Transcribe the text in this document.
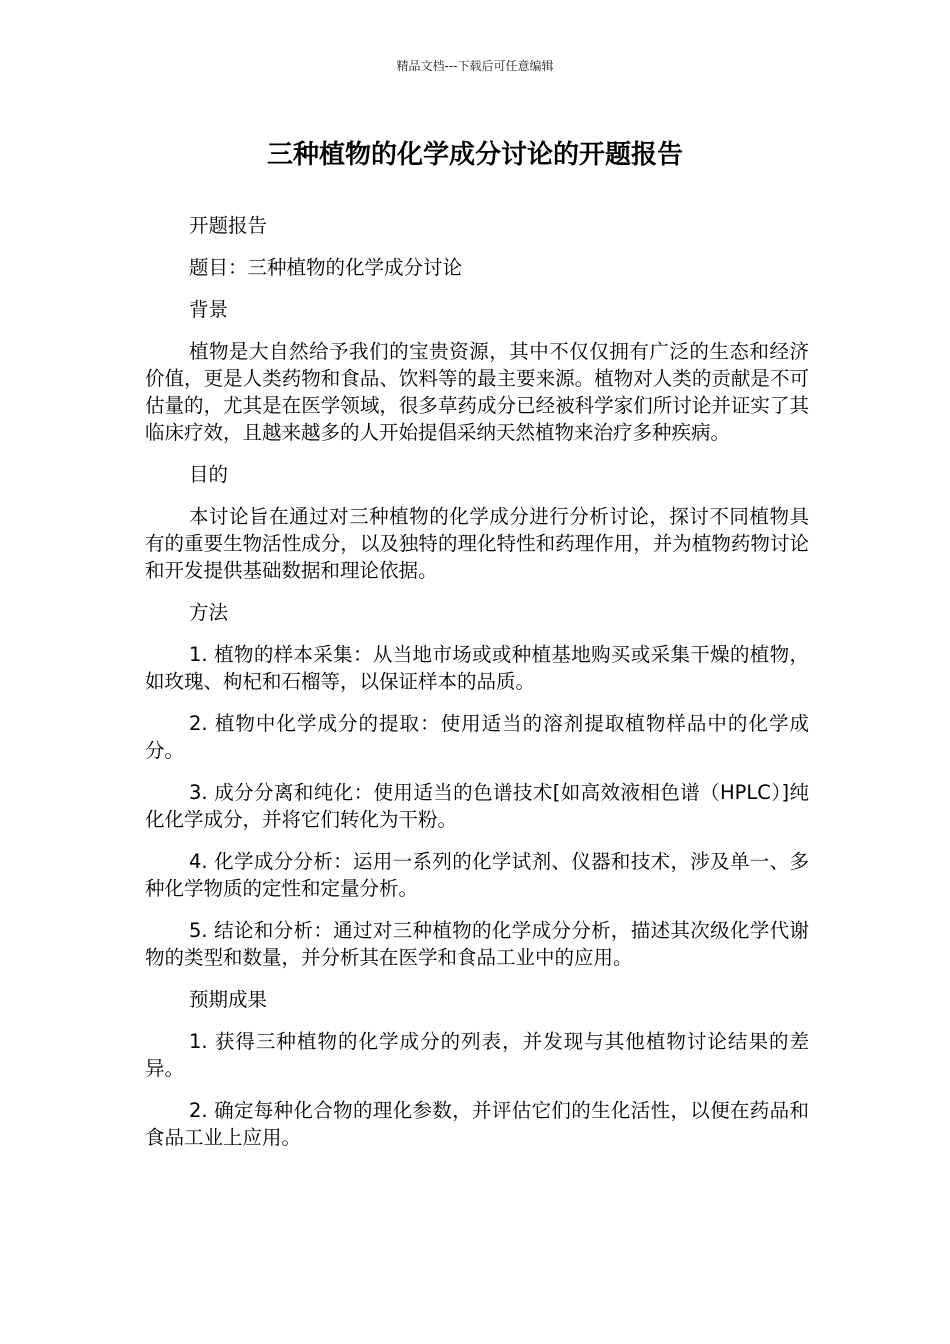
精品文档---下载后可任意编辑
三种植物的化学成分讨论的开题报告

开题报告

题目：三种植物的化学成分讨论

背景

植物是大自然给予我们的宝贵资源，其中不仅仅拥有广泛的生态和经济价值，更是人类药物和食品、饮料等的最主要来源。植物对人类的贡献是不可估量的，尤其是在医学领域，很多草药成分已经被科学家们所讨论并证实了其临床疗效，且越来越多的人开始提倡采纳天然植物来治疗多种疾病。

目的

本讨论旨在通过对三种植物的化学成分进行分析讨论，探讨不同植物具有的重要生物活性成分，以及独特的理化特性和药理作用，并为植物药物讨论和开发提供基础数据和理论依据。

方法

1. 植物的样本采集：从当地市场或或种植基地购买或采集干燥的植物，如玫瑰、枸杞和石榴等，以保证样本的品质。

2. 植物中化学成分的提取：使用适当的溶剂提取植物样品中的化学成分。

3. 成分分离和纯化：使用适当的色谱技术[如高效液相色谱（HPLC）]纯化化学成分，并将它们转化为干粉。

4. 化学成分分析：运用一系列的化学试剂、仪器和技术，涉及单一、多种化学物质的定性和定量分析。

5. 结论和分析：通过对三种植物的化学成分分析，描述其次级化学代谢物的类型和数量，并分析其在医学和食品工业中的应用。

预期成果

1. 获得三种植物的化学成分的列表，并发现与其他植物讨论结果的差异。

2. 确定每种化合物的理化参数，并评估它们的生化活性，以便在药品和食品工业上应用。
